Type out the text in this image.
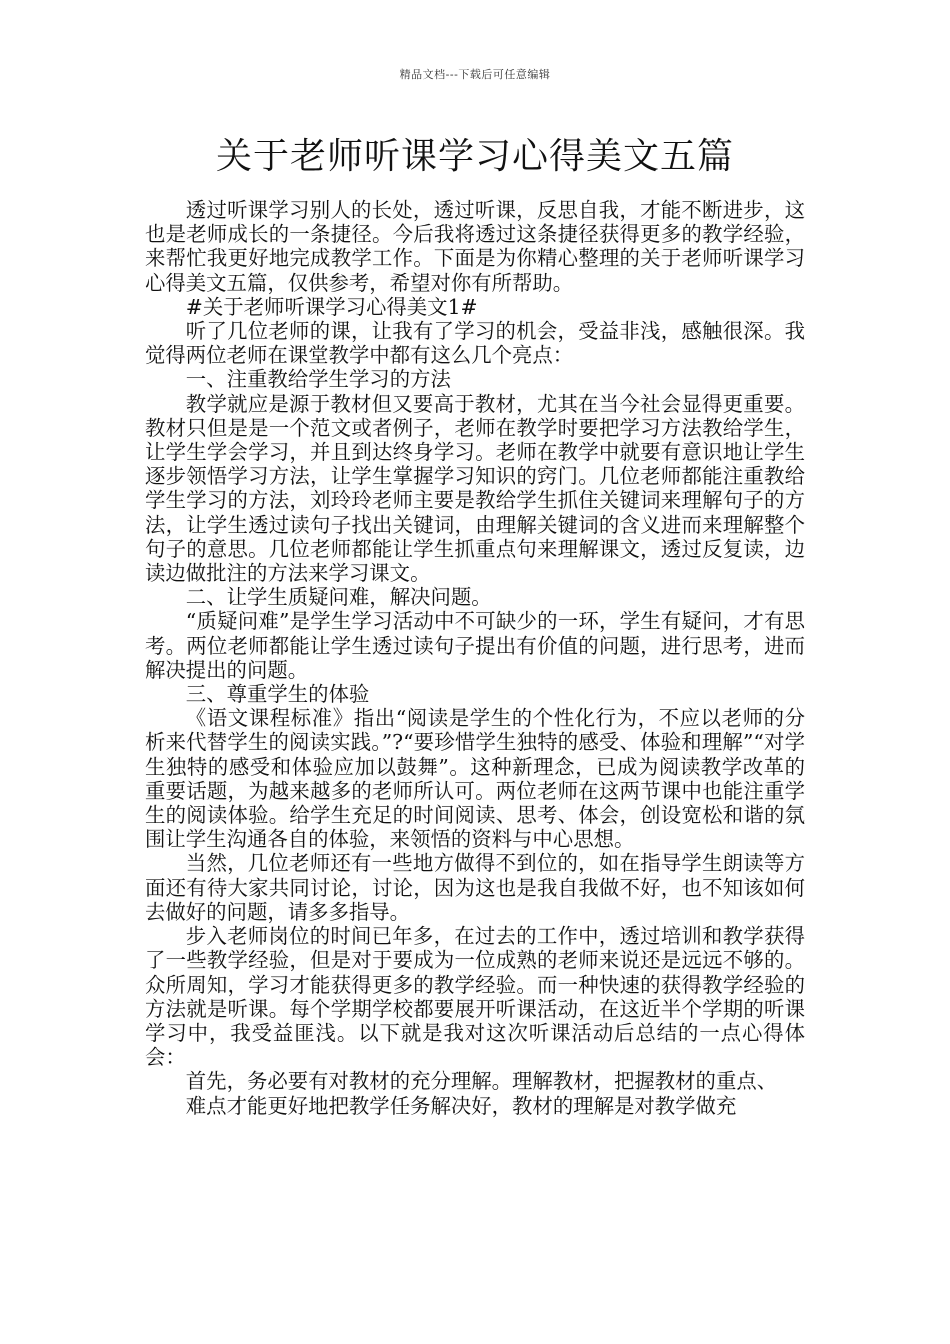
精品文档---下载后可任意编辑
关于老师听课学习心得美文五篇

透过听课学习别人的长处，透过听课，反思自我，才能不断进步，这也是老师成长的一条捷径。今后我将透过这条捷径获得更多的教学经验，来帮忙我更好地完成教学工作。下面是为你精心整理的关于老师听课学习心得美文五篇，仅供参考，希望对你有所帮助。

#关于老师听课学习心得美文1#

听了几位老师的课，让我有了学习的机会，受益非浅，感触很深。我觉得两位老师在课堂教学中都有这么几个亮点：

一、注重教给学生学习的方法

教学就应是源于教材但又要高于教材，尤其在当今社会显得更重要。教材只但是是一个范文或者例子，老师在教学时要把学习方法教给学生，让学生学会学习，并且到达终身学习。老师在教学中就要有意识地让学生逐步领悟学习方法，让学生掌握学习知识的窍门。几位老师都能注重教给学生学习的方法，刘玲玲老师主要是教给学生抓住关键词来理解句子的方法，让学生透过读句子找出关键词，由理解关键词的含义进而来理解整个句子的意思。几位老师都能让学生抓重点句来理解课文，透过反复读，边读边做批注的方法来学习课文。

二、让学生质疑问难，解决问题。

“质疑问难”是学生学习活动中不可缺少的一环，学生有疑问，才有思考。两位老师都能让学生透过读句子提出有价值的问题，进行思考，进而解决提出的问题。

三、尊重学生的体验

《语文课程标准》指出“阅读是学生的个性化行为，不应以老师的分析来代替学生的阅读实践。”?“要珍惜学生独特的感受、体验和理解”“对学生独特的感受和体验应加以鼓舞”。这种新理念，已成为阅读教学改革的重要话题，为越来越多的老师所认可。两位老师在这两节课中也能注重学生的阅读体验。给学生充足的时间阅读、思考、体会，创设宽松和谐的氛围让学生沟通各自的体验，来领悟的资料与中心思想。

当然，几位老师还有一些地方做得不到位的，如在指导学生朗读等方面还有待大家共同讨论，讨论，因为这也是我自我做不好，也不知该如何去做好的问题，请多多指导。

步入老师岗位的时间已年多，在过去的工作中，透过培训和教学获得了一些教学经验，但是对于要成为一位成熟的老师来说还是远远不够的。众所周知，学习才能获得更多的教学经验。而一种快速的获得教学经验的方法就是听课。每个学期学校都要展开听课活动，在这近半个学期的听课学习中，我受益匪浅。以下就是我对这次听课活动后总结的一点心得体会：

首先，务必要有对教材的充分理解。理解教材，把握教材的重点、

难点才能更好地把教学任务解决好，教材的理解是对教学做充
